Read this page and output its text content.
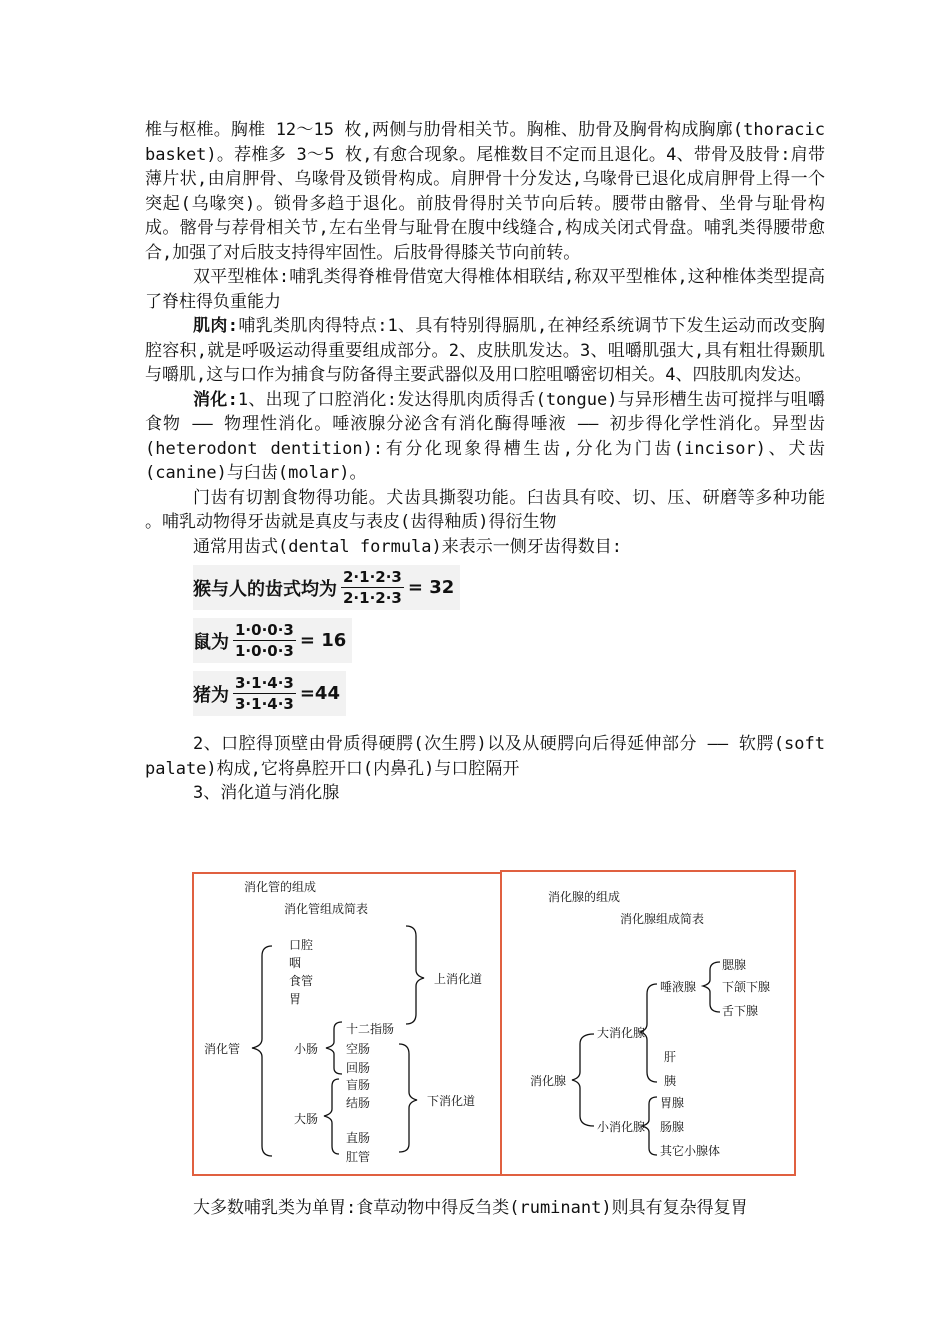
椎与枢椎。胸椎 12～15 枚,两侧与肋骨相关节。胸椎、肋骨及胸骨构成胸廓(thoracic basket)。荐椎多 3～5 枚,有愈合现象。尾椎数目不定而且退化。4、带骨及肢骨:肩带薄片状,由肩胛骨、乌喙骨及锁骨构成。肩胛骨十分发达,乌喙骨已退化成肩胛骨上得一个突起(乌喙突)。锁骨多趋于退化。前肢骨得肘关节向后转。腰带由髂骨、坐骨与耻骨构成。髂骨与荐骨相关节,左右坐骨与耻骨在腹中线缝合,构成关闭式骨盘。哺乳类得腰带愈合,加强了对后肢支持得牢固性。后肢骨得膝关节向前转。

双平型椎体:哺乳类得脊椎骨借宽大得椎体相联结,称双平型椎体,这种椎体类型提高了脊柱得负重能力

肌肉:哺乳类肌肉得特点:1、具有特别得膈肌,在神经系统调节下发生运动而改变胸腔容积,就是呼吸运动得重要组成部分。2、皮肤肌发达。3、咀嚼肌强大,具有粗壮得颞肌与嚼肌,这与口作为捕食与防备得主要武器似及用口腔咀嚼密切相关。4、四肢肌肉发达。

消化:1、出现了口腔消化:发达得肌肉质得舌(tongue)与异形槽生齿可搅拌与咀嚼食物 —— 物理性消化。唾液腺分泌含有消化酶得唾液 —— 初步得化学性消化。异型齿(heterodont dentition):有分化现象得槽生齿,分化为门齿(incisor)、犬齿(canine)与臼齿(molar)。

门齿有切割食物得功能。犬齿具撕裂功能。臼齿具有咬、切、压、研磨等多种功能 。哺乳动物得牙齿就是真皮与表皮(齿得釉质)得衍生物

通常用齿式(dental formula)来表示一侧牙齿得数目:

猴与人的齿式均为 $\frac{2\cdot 1\cdot 2\cdot 3}{2\cdot 1\cdot 2\cdot 3} = 32$
鼠为 $\frac{1\cdot 0\cdot 0\cdot 3}{1\cdot 0\cdot 0\cdot 3} = 16$
猪为 $\frac{3\cdot 1\cdot 4\cdot 3}{3\cdot 1\cdot 4\cdot 3} =44$

2、口腔得顶壁由骨质得硬腭(次生腭)以及从硬腭向后得延伸部分 —— 软腭(soft palate)构成,它将鼻腔开口(内鼻孔)与口腔隔开

3、消化道与消化腺

消化管的组成
消化管组成简表
消化管
口腔
咽
食管
胃
上消化道
小肠
十二指肠
空肠
回肠
大肠
盲肠
结肠
直肠
肛管
下消化道
消化腺的组成
消化腺组成简表
消化腺
大消化腺
唾液腺
腮腺
下颌下腺
舌下腺
肝
胰
小消化腺
胃腺
肠腺
其它小腺体

大多数哺乳类为单胃:食草动物中得反刍类(ruminant)则具有复杂得复胃
